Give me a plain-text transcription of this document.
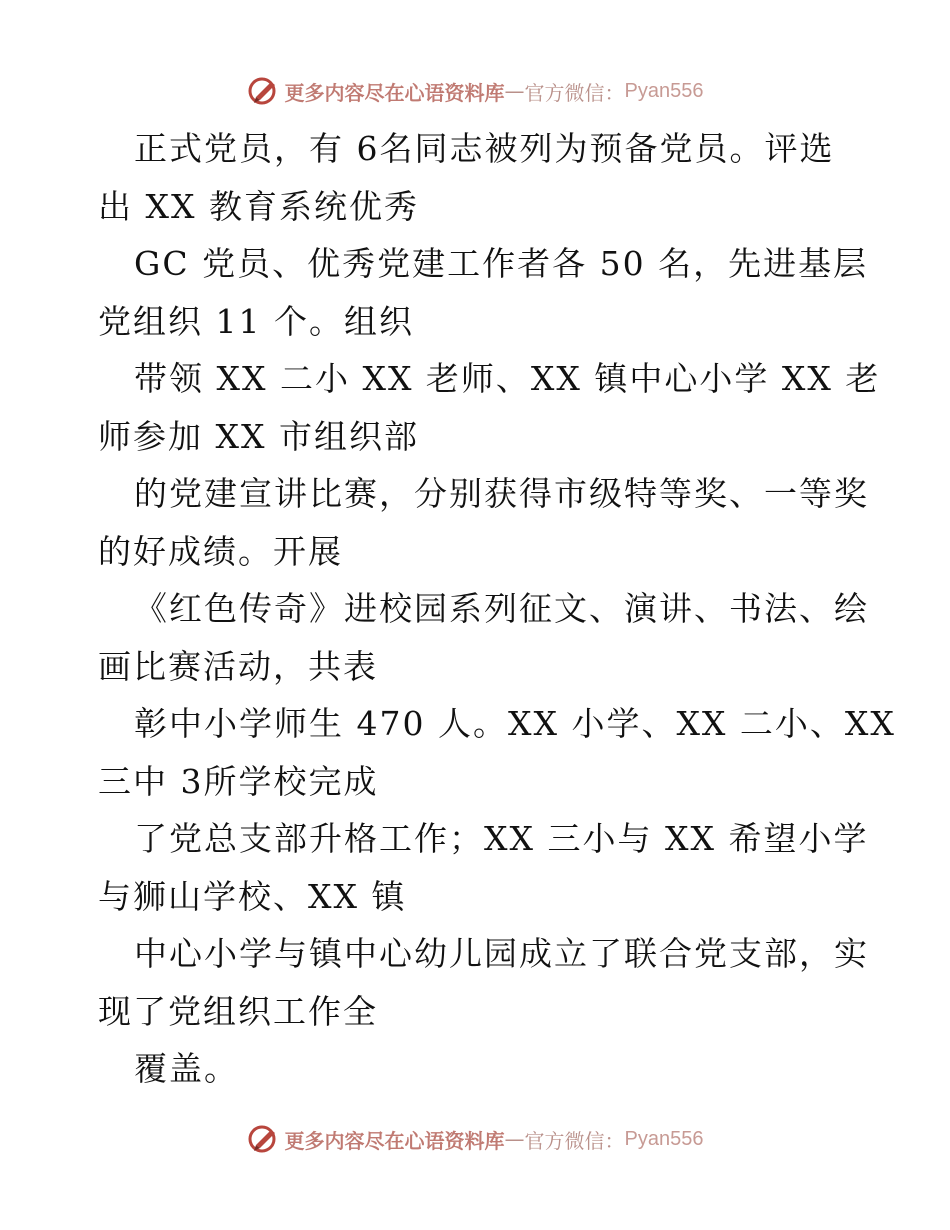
更多内容尽在心语资料库 — 官方微信： Pyan556

正式党员，有 6名同志被列为预备党员。评选
出 XX 教育系统优秀

GC 党员、优秀党建工作者各 50 名，先进基层
党组织 11 个。组织

带领 XX 二小 XX 老师、XX 镇中心小学 XX 老
师参加 XX 市组织部

的党建宣讲比赛，分别获得市级特等奖、一等奖
的好成绩。开展

《红色传奇》进校园系列征文、演讲、书法、绘
画比赛活动，共表

彰中小学师生 470 人。XX 小学、XX 二小、XX
三中 3所学校完成

了党总支部升格工作；XX 三小与 XX 希望小学
与狮山学校、XX 镇

中心小学与镇中心幼儿园成立了联合党支部，实
现了党组织工作全

覆盖。

更多内容尽在心语资料库 — 官方微信： Pyan556
